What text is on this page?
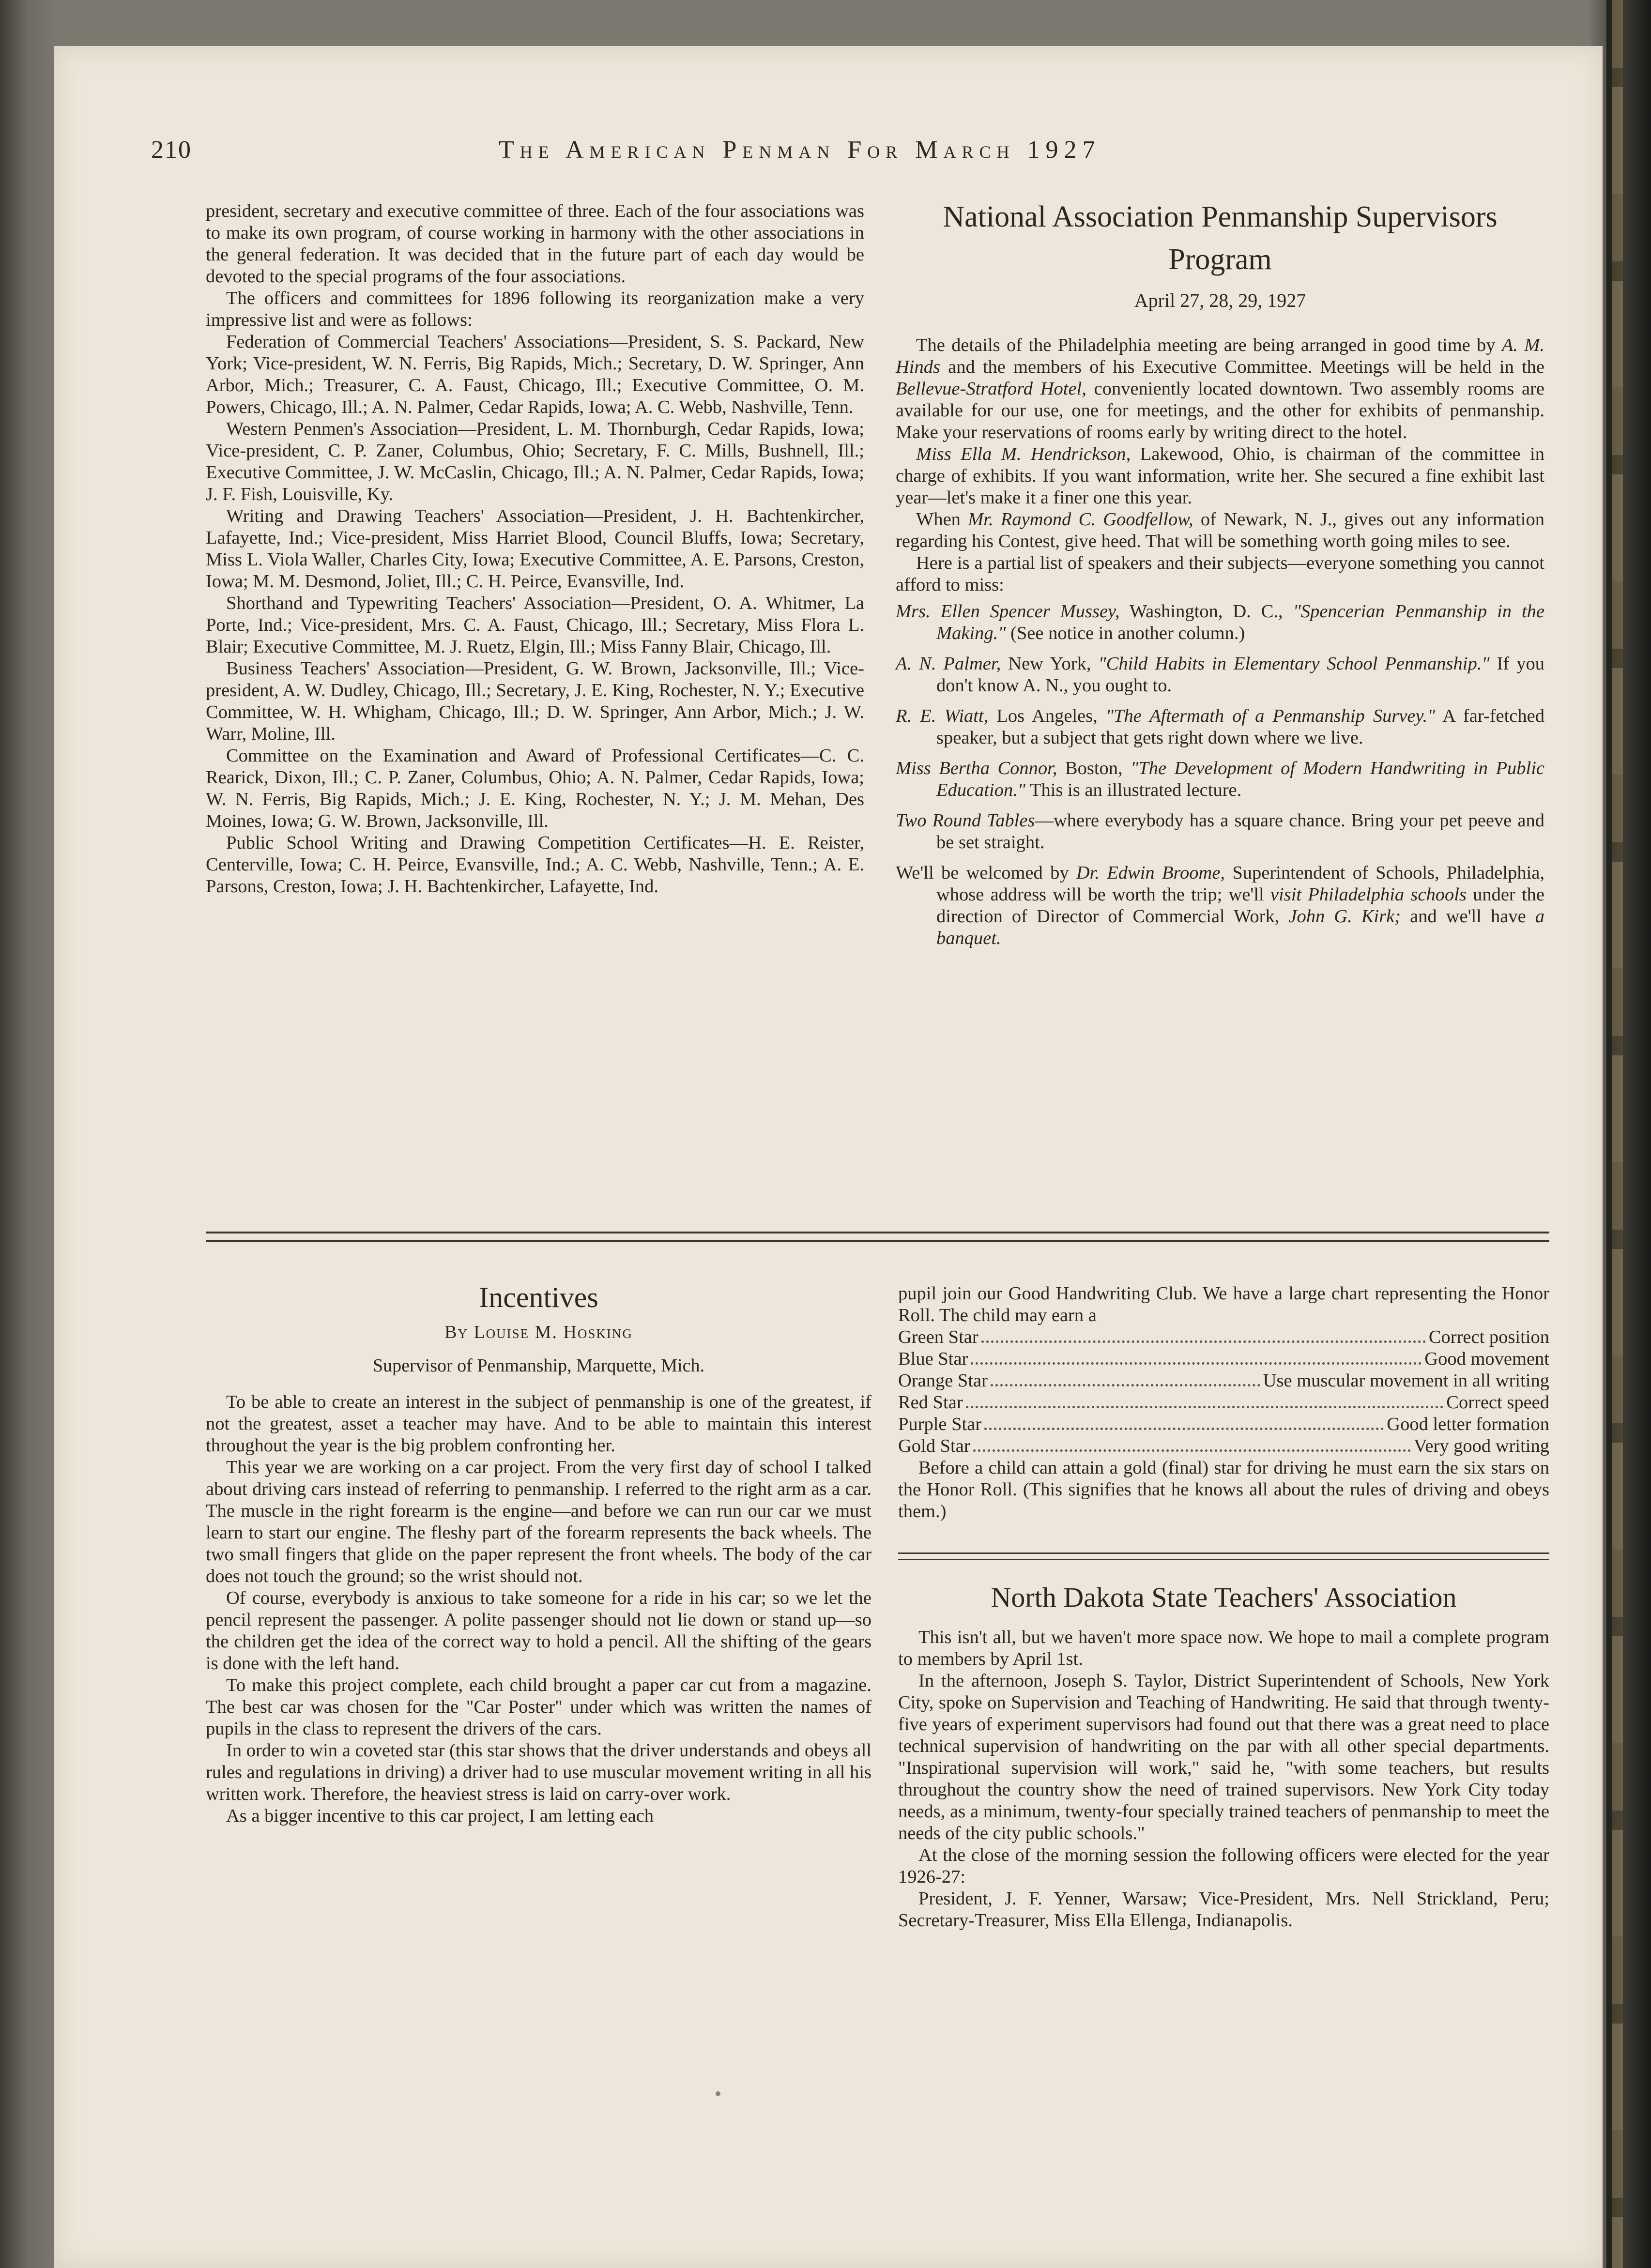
210	The American Penman For March 1927

president, secretary and executive committee of three. Each of the four associations was to make its own program, of course working in harmony with the other associations in the general federation. It was decided that in the future part of each day would be devoted to the special programs of the four associations.

The officers and committees for 1896 following its reorganization make a very impressive list and were as follows:

Federation of Commercial Teachers' Associations—President, S. S. Packard, New York; Vice-president, W. N. Ferris, Big Rapids, Mich.; Secretary, D. W. Springer, Ann Arbor, Mich.; Treasurer, C. A. Faust, Chicago, Ill.; Executive Committee, O. M. Powers, Chicago, Ill.; A. N. Palmer, Cedar Rapids, Iowa; A. C. Webb, Nashville, Tenn.

Western Penmen's Association—President, L. M. Thornburgh, Cedar Rapids, Iowa; Vice-president, C. P. Zaner, Columbus, Ohio; Secretary, F. C. Mills, Bushnell, Ill.; Executive Committee, J. W. McCaslin, Chicago, Ill.; A. N. Palmer, Cedar Rapids, Iowa; J. F. Fish, Louisville, Ky.

Writing and Drawing Teachers' Association—President, J. H. Bachtenkircher, Lafayette, Ind.; Vice-president, Miss Harriet Blood, Council Bluffs, Iowa; Secretary, Miss L. Viola Waller, Charles City, Iowa; Executive Committee, A. E. Parsons, Creston, Iowa; M. M. Desmond, Joliet, Ill.; C. H. Peirce, Evansville, Ind.

Shorthand and Typewriting Teachers' Association—President, O. A. Whitmer, La Porte, Ind.; Vice-president, Mrs. C. A. Faust, Chicago, Ill.; Secretary, Miss Flora L. Blair; Executive Committee, M. J. Ruetz, Elgin, Ill.; Miss Fanny Blair, Chicago, Ill.

Business Teachers' Association—President, G. W. Brown, Jacksonville, Ill.; Vice-president, A. W. Dudley, Chicago, Ill.; Secretary, J. E. King, Rochester, N. Y.; Executive Committee, W. H. Whigham, Chicago, Ill.; D. W. Springer, Ann Arbor, Mich.; J. W. Warr, Moline, Ill.

Committee on the Examination and Award of Professional Certificates—C. C. Rearick, Dixon, Ill.; C. P. Zaner, Columbus, Ohio; A. N. Palmer, Cedar Rapids, Iowa; W. N. Ferris, Big Rapids, Mich.; J. E. King, Rochester, N. Y.; J. M. Mehan, Des Moines, Iowa; G. W. Brown, Jacksonville, Ill.

Public School Writing and Drawing Competition Certificates—H. E. Reister, Centerville, Iowa; C. H. Peirce, Evansville, Ind.; A. C. Webb, Nashville, Tenn.; A. E. Parsons, Creston, Iowa; J. H. Bachtenkircher, Lafayette, Ind.

National Association Penmanship Supervisors Program
April 27, 28, 29, 1927

The details of the Philadelphia meeting are being arranged in good time by A. M. Hinds and the members of his Executive Committee. Meetings will be held in the Bellevue-Stratford Hotel, conveniently located downtown. Two assembly rooms are available for our use, one for meetings, and the other for exhibits of penmanship. Make your reservations of rooms early by writing direct to the hotel.

Miss Ella M. Hendrickson, Lakewood, Ohio, is chairman of the committee in charge of exhibits. If you want information, write her. She secured a fine exhibit last year—let's make it a finer one this year.

When Mr. Raymond C. Goodfellow, of Newark, N. J., gives out any information regarding his Contest, give heed. That will be something worth going miles to see.

Here is a partial list of speakers and their subjects—everyone something you cannot afford to miss:

Mrs. Ellen Spencer Mussey, Washington, D. C., "Spencerian Penmanship in the Making." (See notice in another column.)
A. N. Palmer, New York, "Child Habits in Elementary School Penmanship." If you don't know A. N., you ought to.
R. E. Wiatt, Los Angeles, "The Aftermath of a Penmanship Survey." A far-fetched speaker, but a subject that gets right down where we live.
Miss Bertha Connor, Boston, "The Development of Modern Handwriting in Public Education." This is an illustrated lecture.
Two Round Tables—where everybody has a square chance. Bring your pet peeve and be set straight.
We'll be welcomed by Dr. Edwin Broome, Superintendent of Schools, Philadelphia, whose address will be worth the trip; we'll visit Philadelphia schools under the direction of Director of Commercial Work, John G. Kirk; and we'll have a banquet.
Incentives
By Louise M. Hosking
Supervisor of Penmanship, Marquette, Mich.

To be able to create an interest in the subject of penmanship is one of the greatest, if not the greatest, asset a teacher may have. And to be able to maintain this interest throughout the year is the big problem confronting her.

This year we are working on a car project. From the very first day of school I talked about driving cars instead of referring to penmanship. I referred to the right arm as a car. The muscle in the right forearm is the engine—and before we can run our car we must learn to start our engine. The fleshy part of the forearm represents the back wheels. The two small fingers that glide on the paper represent the front wheels. The body of the car does not touch the ground; so the wrist should not.

Of course, everybody is anxious to take someone for a ride in his car; so we let the pencil represent the passenger. A polite passenger should not lie down or stand up—so the children get the idea of the correct way to hold a pencil. All the shifting of the gears is done with the left hand.

To make this project complete, each child brought a paper car cut from a magazine. The best car was chosen for the "Car Poster" under which was written the names of pupils in the class to represent the drivers of the cars.

In order to win a coveted star (this star shows that the driver understands and obeys all rules and regulations in driving) a driver had to use muscular movement writing in all his written work. Therefore, the heaviest stress is laid on carry-over work.

As a bigger incentive to this car project, I am letting each

pupil join our Good Handwriting Club. We have a large chart representing the Honor Roll. The child may earn a

Green Star	Correct position
Blue Star	Good movement
Orange Star	Use muscular movement in all writing
Red Star	Correct speed
Purple Star	Good letter formation
Gold Star	Very good writing

Before a child can attain a gold (final) star for driving he must earn the six stars on the Honor Roll. (This signifies that he knows all about the rules of driving and obeys them.)

North Dakota State Teachers' Association

This isn't all, but we haven't more space now. We hope to mail a complete program to members by April 1st.

In the afternoon, Joseph S. Taylor, District Superintendent of Schools, New York City, spoke on Supervision and Teaching of Handwriting. He said that through twenty-five years of experiment supervisors had found out that there was a great need to place technical supervision of handwriting on the par with all other special departments. "Inspirational supervision will work," said he, "with some teachers, but results throughout the country show the need of trained supervisors. New York City today needs, as a minimum, twenty-four specially trained teachers of penmanship to meet the needs of the city public schools."

At the close of the morning session the following officers were elected for the year 1926-27:

President, J. F. Yenner, Warsaw; Vice-President, Mrs. Nell Strickland, Peru; Secretary-Treasurer, Miss Ella Ellenga, Indianapolis.
